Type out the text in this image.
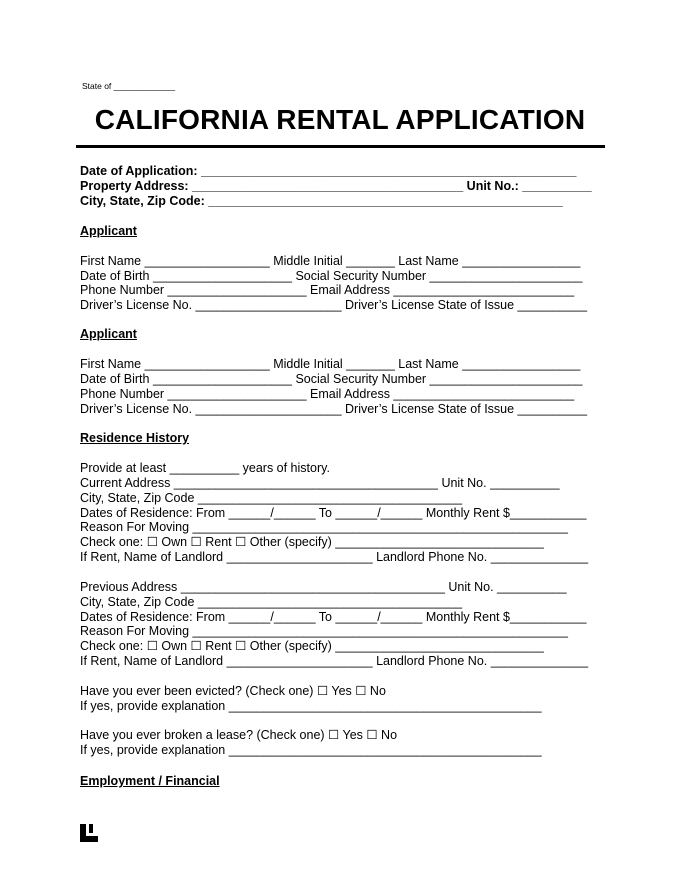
State of _____________
CALIFORNIA RENTAL APPLICATION
Date of Application: ______________________________________________________
Property Address: _______________________________________ Unit No.: __________
City, State, Zip Code: ___________________________________________________
Applicant
First Name __________________ Middle Initial _______ Last Name _________________
Date of Birth ____________________ Social Security Number ______________________
Phone Number ____________________ Email Address __________________________
Driver’s License No. _____________________ Driver’s License State of Issue __________
Applicant
First Name __________________ Middle Initial _______ Last Name _________________
Date of Birth ____________________ Social Security Number ______________________
Phone Number ____________________ Email Address __________________________
Driver’s License No. _____________________ Driver’s License State of Issue __________
Residence History
Provide at least __________ years of history.
Current Address ______________________________________ Unit No. __________
City, State, Zip Code ______________________________________
Dates of Residence: From ______/______ To ______/______ Monthly Rent $___________
Reason For Moving ______________________________________________________
Check one: ☐ Own ☐ Rent ☐ Other (specify) ______________________________
If Rent, Name of Landlord _____________________ Landlord Phone No. ______________
Previous Address ______________________________________ Unit No. __________
City, State, Zip Code ______________________________________
Dates of Residence: From ______/______ To ______/______ Monthly Rent $___________
Reason For Moving ______________________________________________________
Check one: ☐ Own ☐ Rent ☐ Other (specify) ______________________________
If Rent, Name of Landlord _____________________ Landlord Phone No. ______________
Have you ever been evicted? (Check one) ☐ Yes ☐ No
If yes, provide explanation _____________________________________________
Have you ever broken a lease? (Check one) ☐ Yes ☐ No
If yes, provide explanation _____________________________________________
Employment / Financial
